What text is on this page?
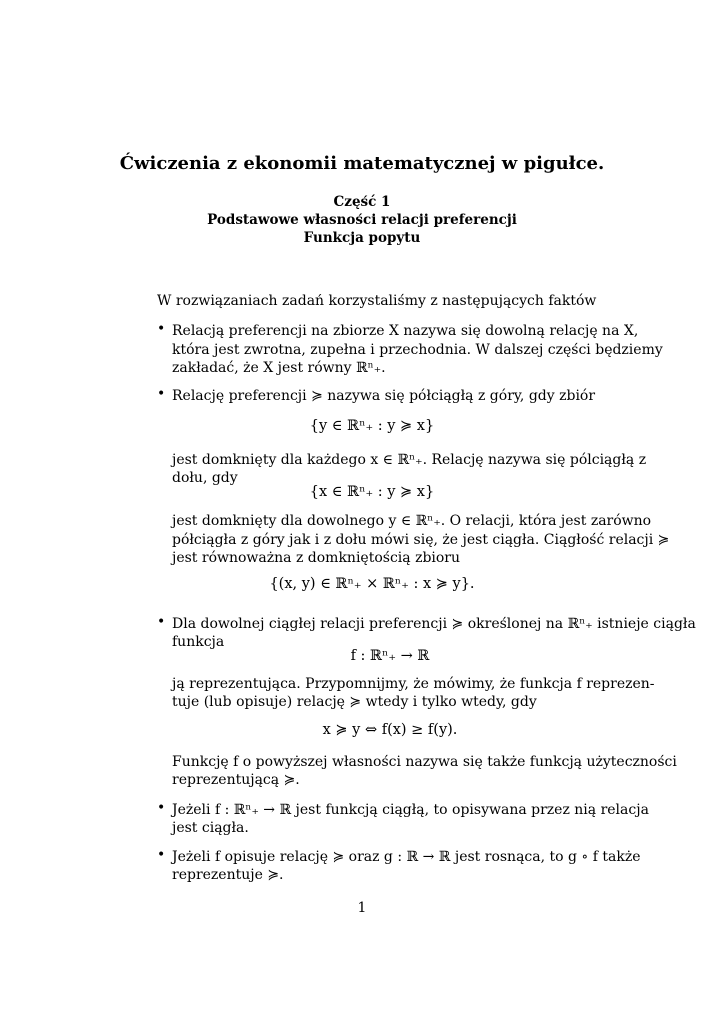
Ćwiczenia z ekonomii matematycznej w pigułce.
Część 1
Podstawowe własności relacji preferencji
Funkcja popytu
W rozwiązaniach zadań korzystaliśmy z następujących faktów
• Relacją preferencji na zbiorze X nazywa się dowolną relację na X,
która jest zwrotna, zupełna i przechodnia. W dalszej części będziemy
zakładać, że X jest równy ℝⁿ₊.
• Relację preferencji ≽ nazywa się półciągłą z góry, gdy zbiór
{y ∈ ℝⁿ₊ : y ≽ x}
jest domknięty dla każdego x ∈ ℝⁿ₊. Relację nazywa się pólciągłą z
dołu, gdy
{x ∈ ℝⁿ₊ : y ≽ x}
jest domknięty dla dowolnego y ∈ ℝⁿ₊. O relacji, która jest zarówno
półciągła z góry jak i z dołu mówi się, że jest ciągła. Ciągłość relacji ≽
jest równoważna z domkniętością zbioru
{(x, y) ∈ ℝⁿ₊ × ℝⁿ₊ : x ≽ y}.
• Dla dowolnej ciągłej relacji preferencji ≽ określonej na ℝⁿ₊ istnieje ciągła
funkcja
f : ℝⁿ₊ → ℝ
ją reprezentująca. Przypomnijmy, że mówimy, że funkcja f reprezen-
tuje (lub opisuje) relację ≽ wtedy i tylko wtedy, gdy
x ≽ y ⇔ f(x) ≥ f(y).
Funkcję f o powyższej własności nazywa się także funkcją użyteczności
reprezentującą ≽.
• Jeżeli f : ℝⁿ₊ → ℝ jest funkcją ciągłą, to opisywana przez nią relacja
jest ciągła.
• Jeżeli f opisuje relację ≽ oraz g : ℝ → ℝ jest rosnąca, to g ∘ f także
reprezentuje ≽.
1
